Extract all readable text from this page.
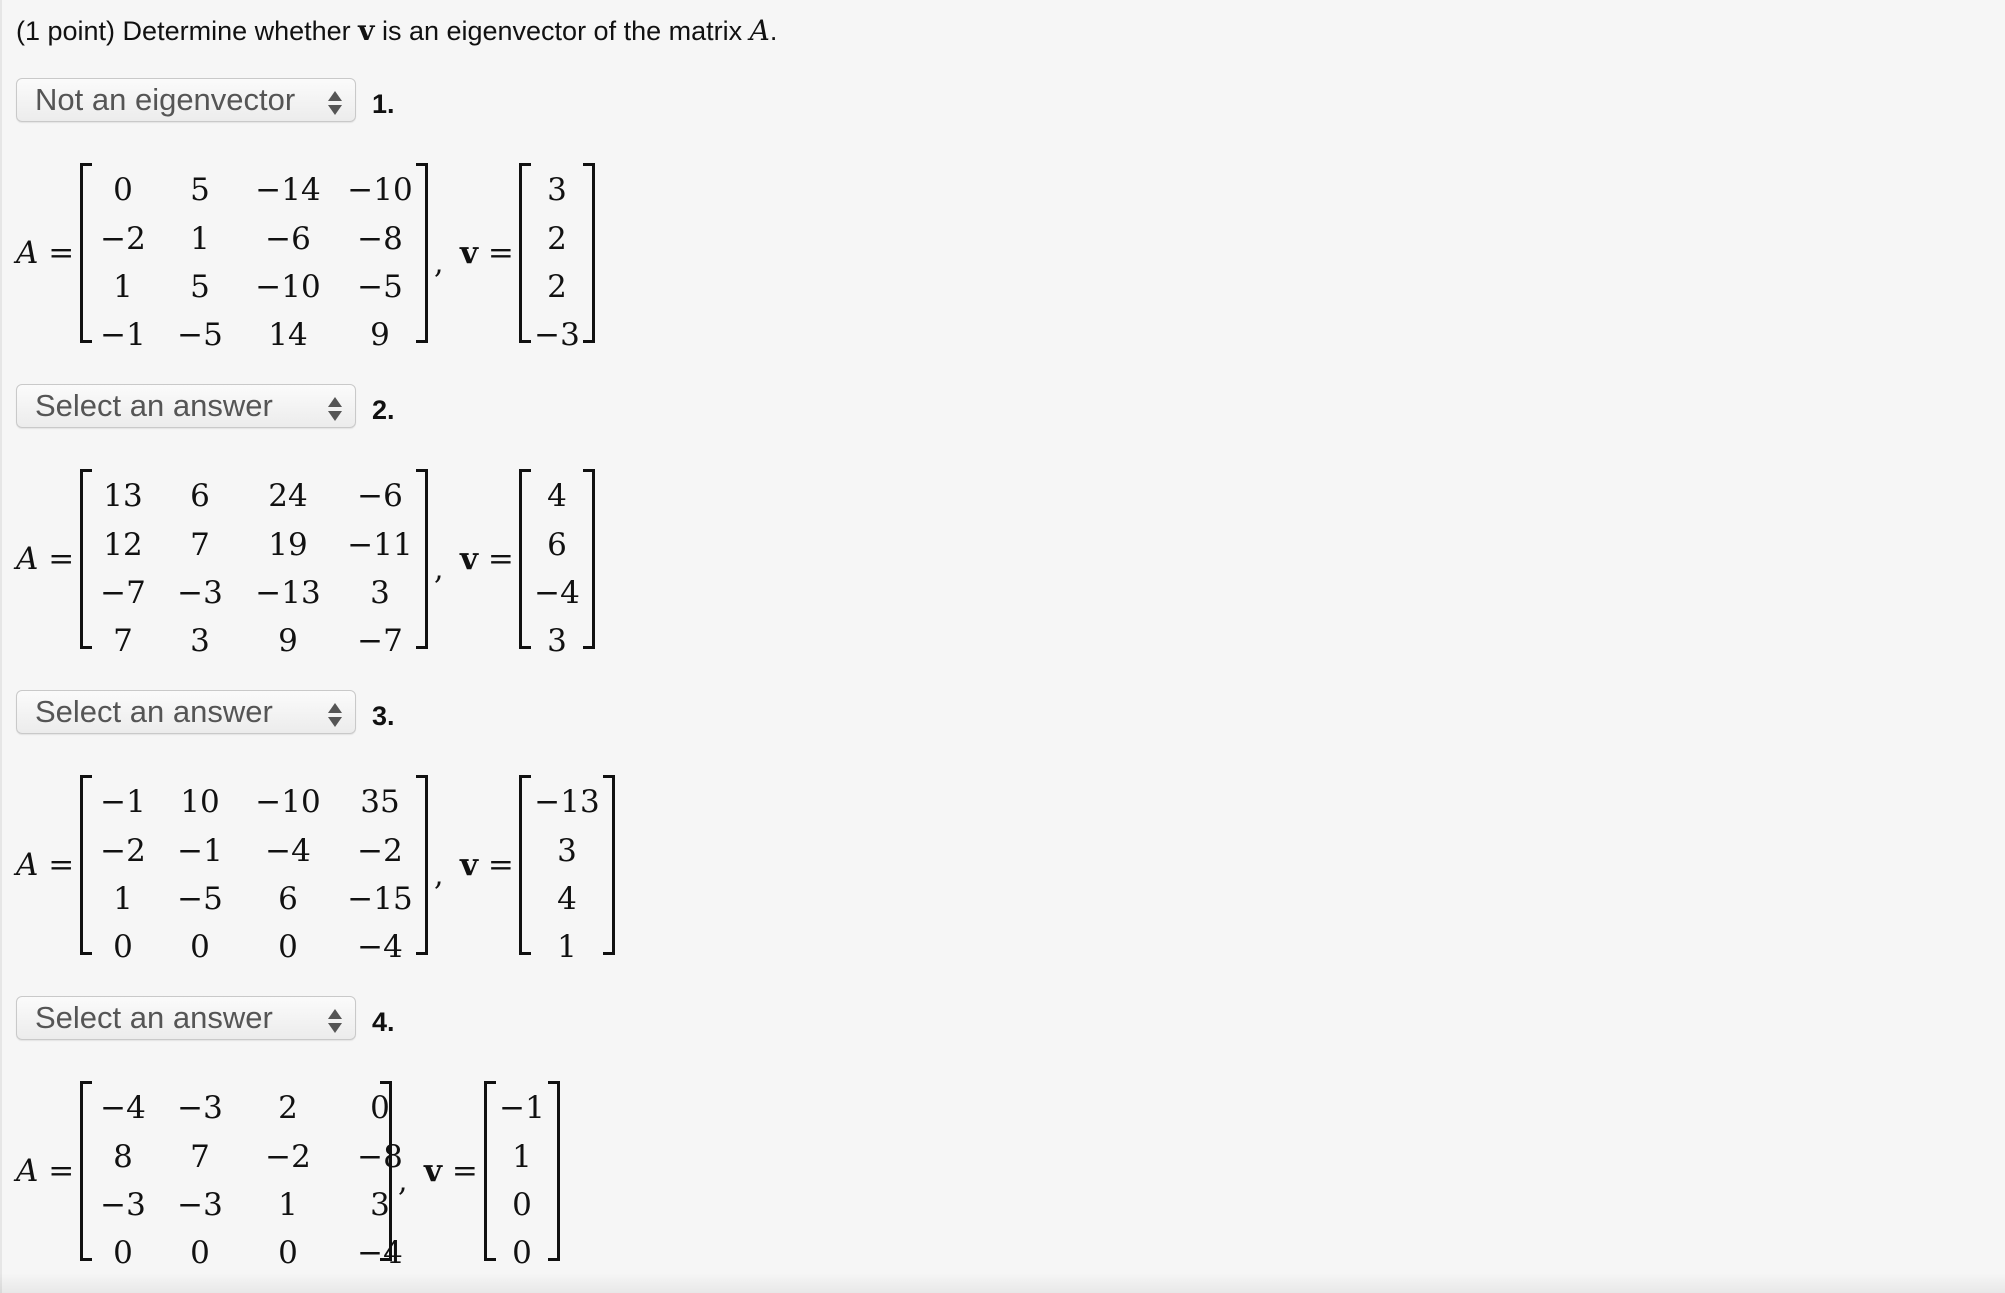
(1 point) Determine whether v is an eigenvector of the matrix A.
Not an eigenvector	1.
A =
0	5	−14 −10
−2	1	−6	−8
1	5	−10	−5
−1	−5	14	9
, v =
3
2
2
−3
Select an answer	2.
A =
13	6	24	−6
12	7	19	−11
−7	−3	−13	3
7	3	9	−7
, v =
4
6
−4
3
Select an answer	3.
A =
−1	10	−10	35
−2	−1	−4	−2
1	−5	6	−15
0	0	0	−4
, v =
−13
3
4
1
Select an answer	4.
A =
−4	−3	2	0
8	7	−2	−8
−3	−3	1	3
0	0	0	−4
, v =
−1
1
0
0
